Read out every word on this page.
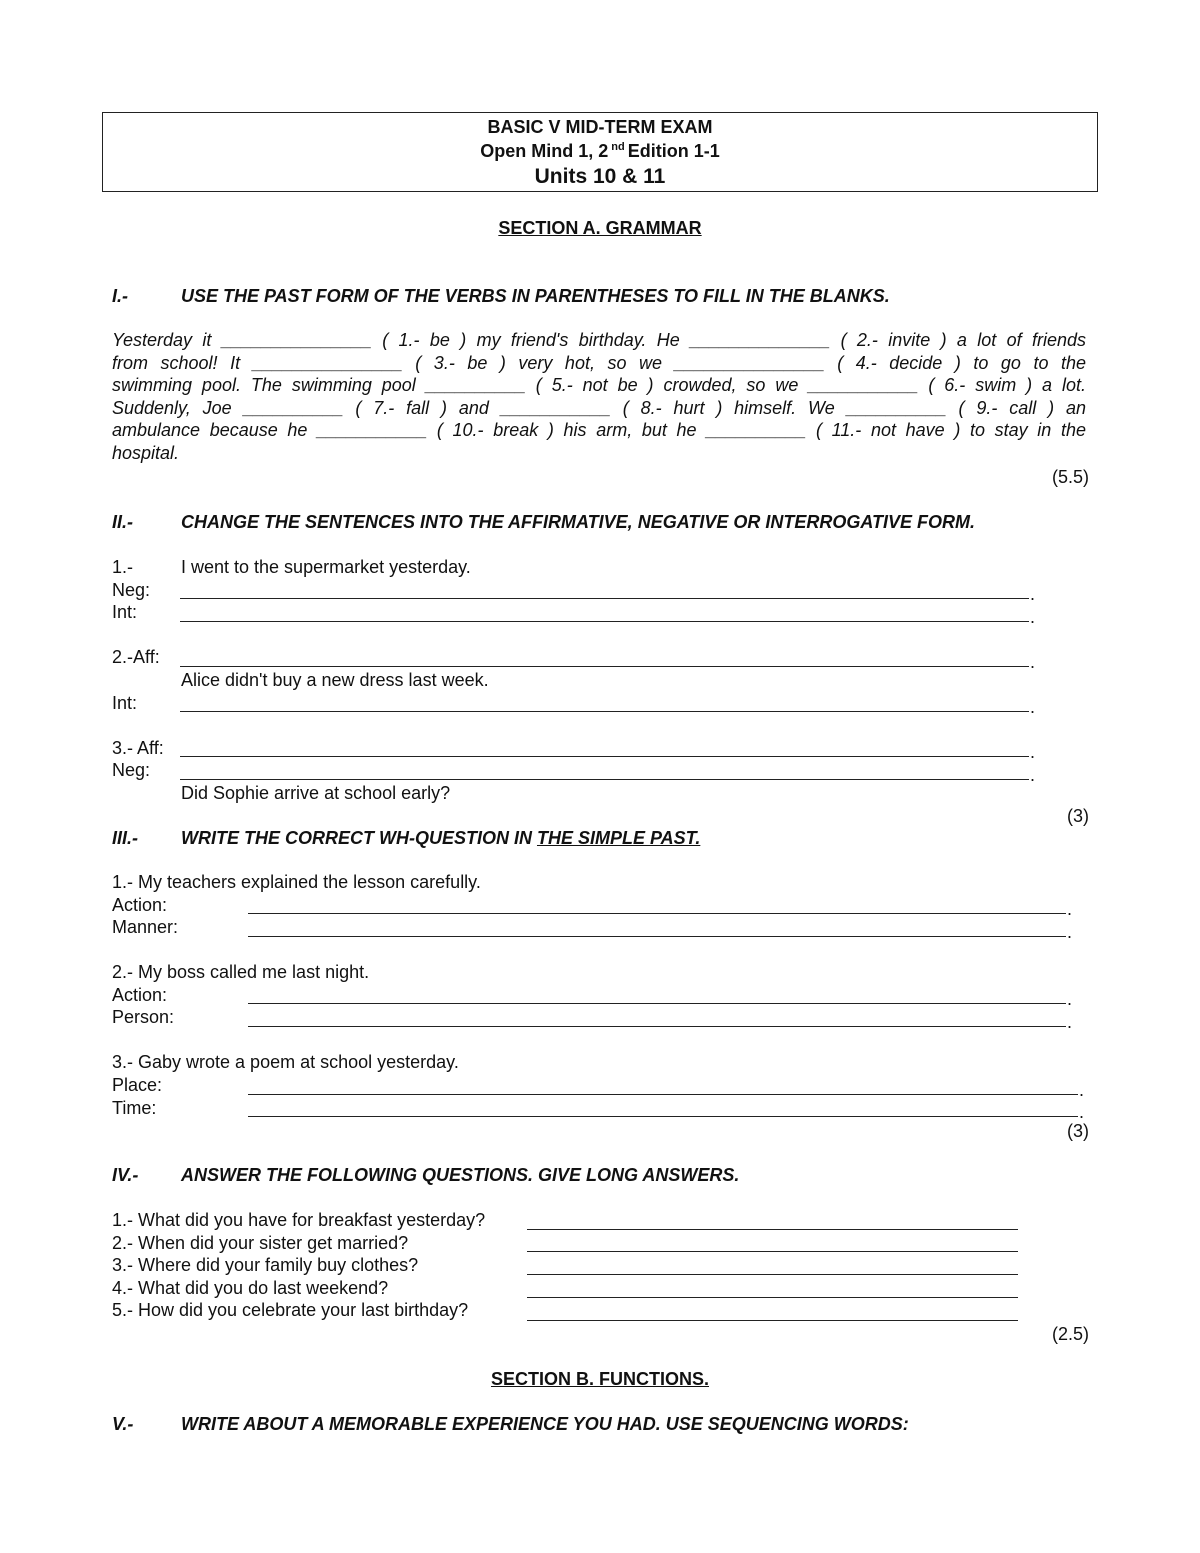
BASIC V MID-TERM EXAM
Open Mind 1, 2 $^{nd}$ Edition 1-1
Units 10 & 11
SECTION A. GRAMMAR
I.-	USE THE PAST FORM OF THE VERBS IN PARENTHESES TO FILL IN THE BLANKS.
Yesterday it _______________ ( 1.- be ) my friend's birthday. He ______________ ( 2.- invite ) a lot of friends
from school! It _______________ ( 3.- be ) very hot, so we _______________ ( 4.- decide ) to go to the
swimming pool. The swimming pool __________ ( 5.- not be ) crowded, so we ___________ ( 6.- swim ) a lot.
Suddenly, Joe __________ ( 7.- fall ) and ___________ ( 8.- hurt ) himself. We __________ ( 9.- call ) an
ambulance because he ___________ ( 10.- break ) his arm, but he __________ ( 11.- not have ) to stay in the
hospital.
(5.5)
II.-	CHANGE THE SENTENCES INTO THE AFFIRMATIVE, NEGATIVE OR INTERROGATIVE FORM.
1.-	I went to the supermarket yesterday.
Neg:	.
Int:	.
2.-Aff:	.
Alice didn't buy a new dress last week.
Int:	.
3.- Aff:	.
Neg:	.
Did Sophie arrive at school early?
(3)
III.- WRITE THE CORRECT WH-QUESTION IN THE SIMPLE PAST.
1.- My teachers explained the lesson carefully.
Action:	.
Manner:	.
2.- My boss called me last night.
Action:	.
Person:	.
3.- Gaby wrote a poem at school yesterday.
Place:	.
Time:	.
(3)
IV.- ANSWER THE FOLLOWING QUESTIONS. GIVE LONG ANSWERS.
1.- What did you have for breakfast yesterday?
2.- When did your sister get married?
3.- Where did your family buy clothes?
4.- What did you do last weekend?
5.- How did you celebrate your last birthday?
(2.5)
SECTION B. FUNCTIONS.
V.-	WRITE ABOUT A MEMORABLE EXPERIENCE YOU HAD. USE SEQUENCING WORDS:
